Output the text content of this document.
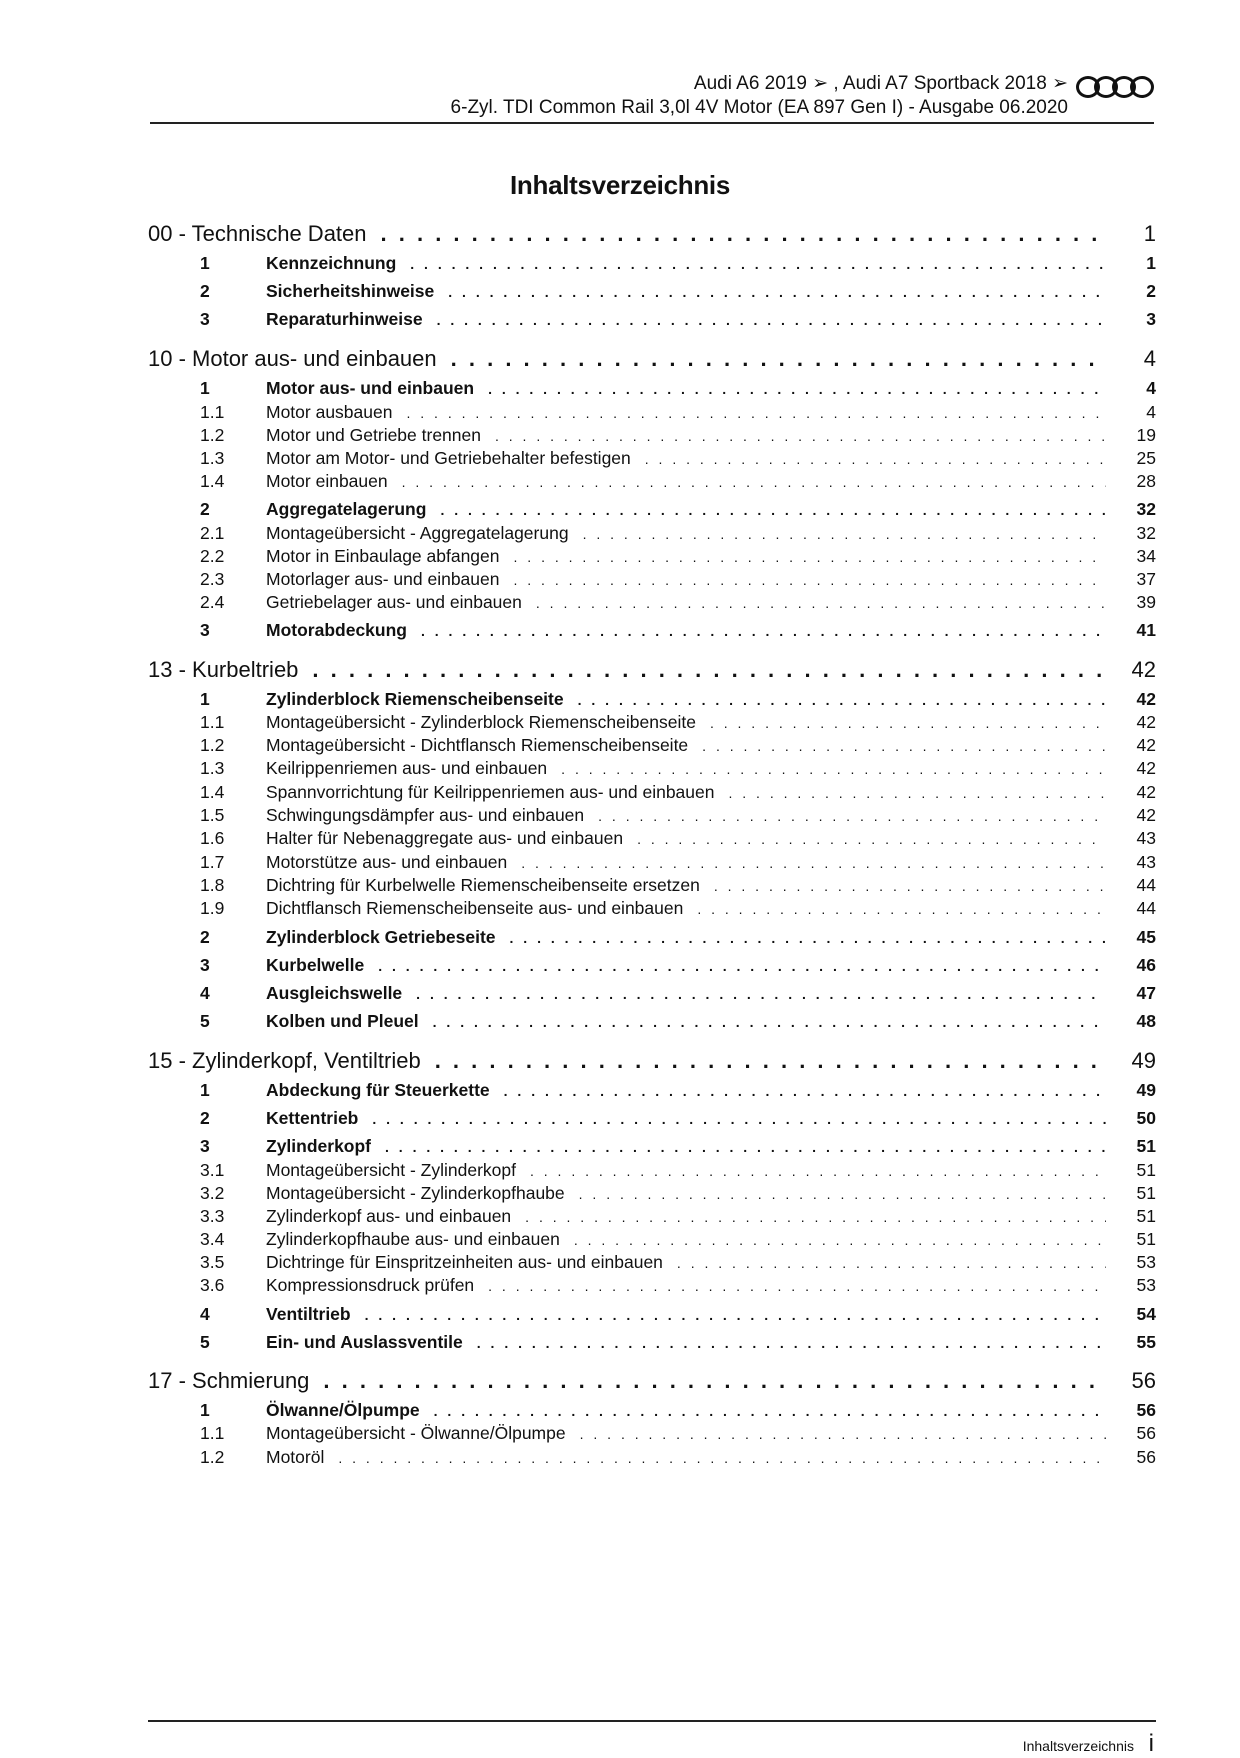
Audi A6 2019 ➢ , Audi A7 Sportback 2018 ➢
6-Zyl. TDI Common Rail 3,0l 4V Motor (EA 897 Gen I) - Ausgabe 06.2020
Inhaltsverzeichnis
00 - Technische Daten . . .	1
1	Kennzeichnung . . .	1
2	Sicherheitshinweise . . .	2
3	Reparaturhinweise . . .	3
10 - Motor aus- und einbauen . . .	4
1	Motor aus- und einbauen . . .	4
1.1	Motor ausbauen . . .	4
1.2	Motor und Getriebe trennen . . .	19
1.3	Motor am Motor- und Getriebehalter befestigen . . .	25
1.4	Motor einbauen . . .	28
2	Aggregatelagerung . . .	32
2.1	Montageübersicht - Aggregatelagerung . . .	32
2.2	Motor in Einbaulage abfangen . . .	34
2.3	Motorlager aus- und einbauen . . .	37
2.4	Getriebelager aus- und einbauen . . .	39
3	Motorabdeckung . . .	41
13 - Kurbeltrieb . . .	42
1	Zylinderblock Riemenscheibenseite . . .	42
1.1	Montageübersicht - Zylinderblock Riemenscheibenseite . . .	42
1.2	Montageübersicht - Dichtflansch Riemenscheibenseite . . .	42
1.3	Keilrippenriemen aus- und einbauen . . .	42
1.4	Spannvorrichtung für Keilrippenriemen aus- und einbauen . . .	42
1.5	Schwingungsdämpfer aus- und einbauen . . .	42
1.6	Halter für Nebenaggregate aus- und einbauen . . .	43
1.7	Motorstütze aus- und einbauen . . .	43
1.8	Dichtring für Kurbelwelle Riemenscheibenseite ersetzen . . .	44
1.9	Dichtflansch Riemenscheibenseite aus- und einbauen . . .	44
2	Zylinderblock Getriebeseite . . .	45
3	Kurbelwelle . . .	46
4	Ausgleichswelle . . .	47
5	Kolben und Pleuel . . .	48
15 - Zylinderkopf, Ventiltrieb . . .	49
1	Abdeckung für Steuerkette . . .	49
2	Kettentrieb . . .	50
3	Zylinderkopf . . .	51
3.1	Montageübersicht - Zylinderkopf . . .	51
3.2	Montageübersicht - Zylinderkopfhaube . . .	51
3.3	Zylinderkopf aus- und einbauen . . .	51
3.4	Zylinderkopfhaube aus- und einbauen . . .	51
3.5	Dichtringe für Einspritzeinheiten aus- und einbauen . . .	53
3.6	Kompressionsdruck prüfen . . .	53
4	Ventiltrieb . . .	54
5	Ein- und Auslassventile . . .	55
17 - Schmierung . . .	56
1	Ölwanne/Ölpumpe . . .	56
1.1	Montageübersicht - Ölwanne/Ölpumpe . . .	56
1.2	Motoröl . . .	56
Inhaltsverzeichnis i
